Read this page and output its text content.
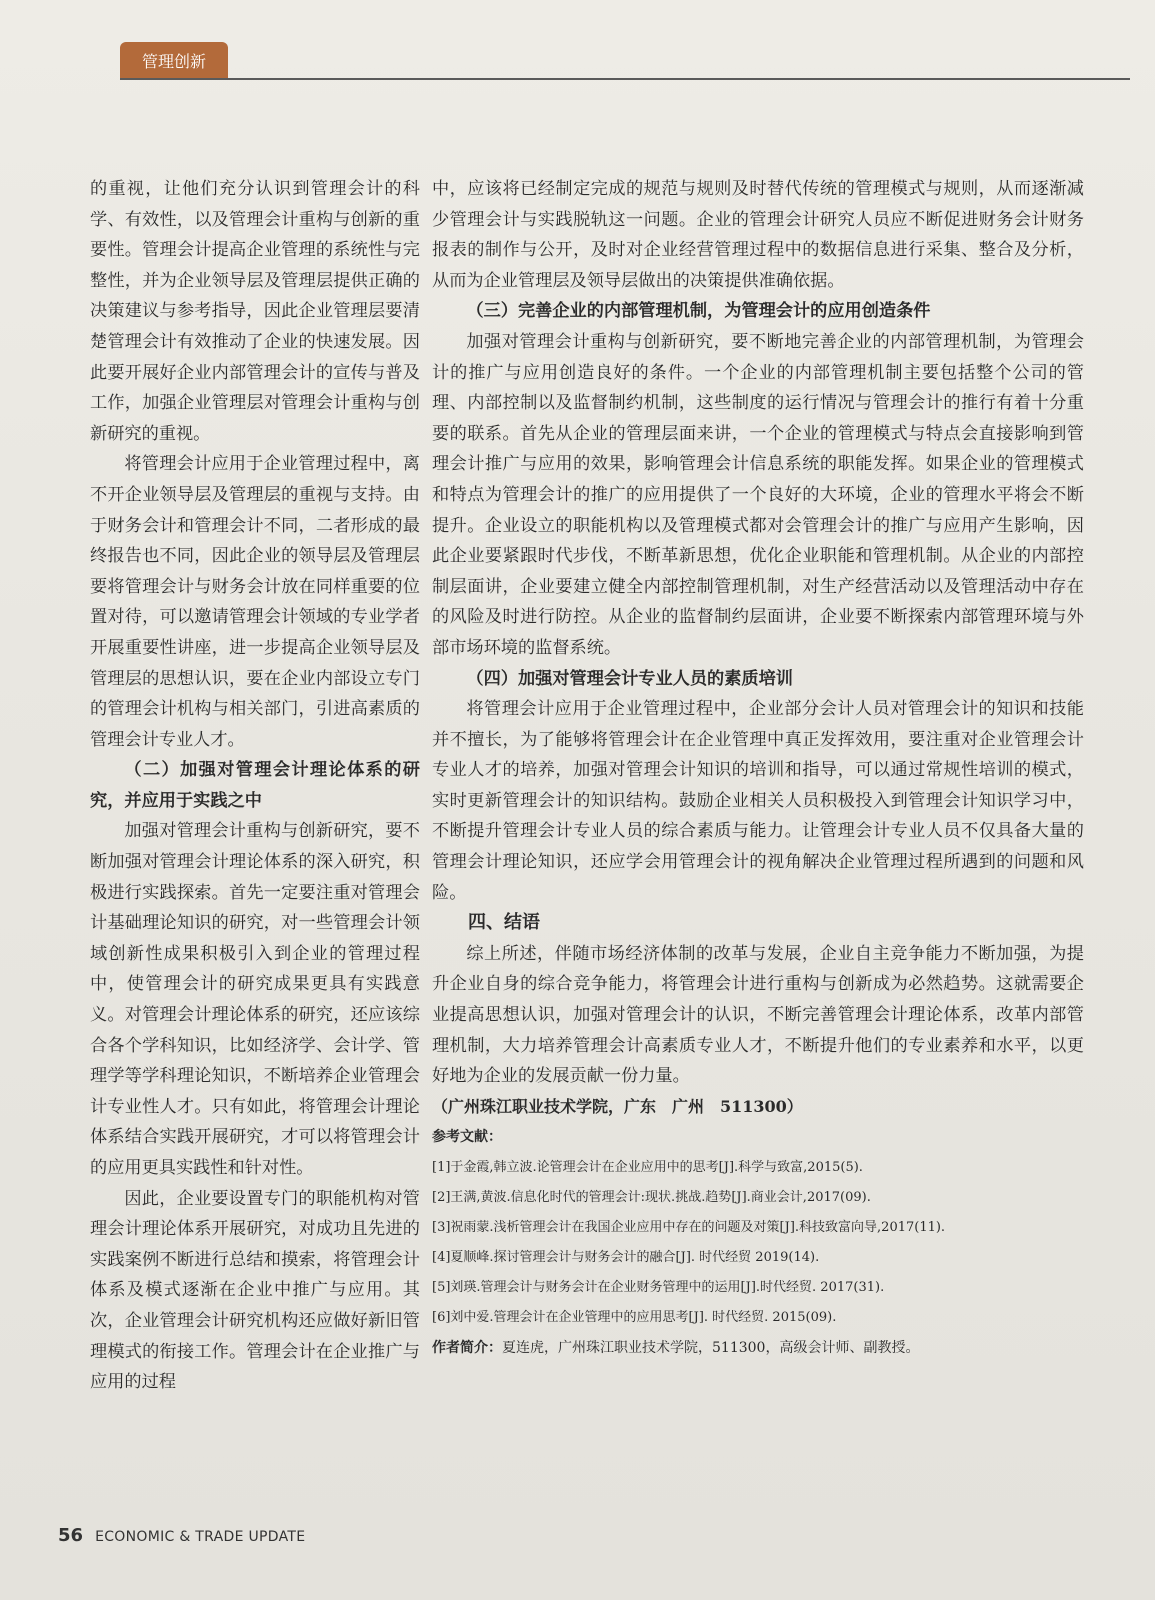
管理创新

的重视，让他们充分认识到管理会计的科学、有效性，以及管理会计重构与创新的重要性。管理会计提高企业管理的系统性与完整性，并为企业领导层及管理层提供正确的决策建议与参考指导，因此企业管理层要清楚管理会计有效推动了企业的快速发展。因此要开展好企业内部管理会计的宣传与普及工作，加强企业管理层对管理会计重构与创新研究的重视。

将管理会计应用于企业管理过程中，离不开企业领导层及管理层的重视与支持。由于财务会计和管理会计不同，二者形成的最终报告也不同，因此企业的领导层及管理层要将管理会计与财务会计放在同样重要的位置对待，可以邀请管理会计领域的专业学者开展重要性讲座，进一步提高企业领导层及管理层的思想认识，要在企业内部设立专门的管理会计机构与相关部门，引进高素质的管理会计专业人才。

（二）加强对管理会计理论体系的研究，并应用于实践之中

加强对管理会计重构与创新研究，要不断加强对管理会计理论体系的深入研究，积极进行实践探索。首先一定要注重对管理会计基础理论知识的研究，对一些管理会计领域创新性成果积极引入到企业的管理过程中，使管理会计的研究成果更具有实践意义。对管理会计理论体系的研究，还应该综合各个学科知识，比如经济学、会计学、管理学等学科理论知识，不断培养企业管理会计专业性人才。只有如此，将管理会计理论体系结合实践开展研究，才可以将管理会计的应用更具实践性和针对性。

因此，企业要设置专门的职能机构对管理会计理论体系开展研究，对成功且先进的实践案例不断进行总结和摸索，将管理会计体系及模式逐渐在企业中推广与应用。其次，企业管理会计研究机构还应做好新旧管理模式的衔接工作。管理会计在企业推广与应用的过程

中，应该将已经制定完成的规范与规则及时替代传统的管理模式与规则，从而逐渐减少管理会计与实践脱轨这一问题。企业的管理会计研究人员应不断促进财务会计财务报表的制作与公开，及时对企业经营管理过程中的数据信息进行采集、整合及分析，从而为企业管理层及领导层做出的决策提供准确依据。

（三）完善企业的内部管理机制，为管理会计的应用创造条件

加强对管理会计重构与创新研究，要不断地完善企业的内部管理机制，为管理会计的推广与应用创造良好的条件。一个企业的内部管理机制主要包括整个公司的管理、内部控制以及监督制约机制，这些制度的运行情况与管理会计的推行有着十分重要的联系。首先从企业的管理层面来讲，一个企业的管理模式与特点会直接影响到管理会计推广与应用的效果，影响管理会计信息系统的职能发挥。如果企业的管理模式和特点为管理会计的推广的应用提供了一个良好的大环境，企业的管理水平将会不断提升。企业设立的职能机构以及管理模式都对会管理会计的推广与应用产生影响，因此企业要紧跟时代步伐，不断革新思想，优化企业职能和管理机制。从企业的内部控制层面讲，企业要建立健全内部控制管理机制，对生产经营活动以及管理活动中存在的风险及时进行防控。从企业的监督制约层面讲，企业要不断探索内部管理环境与外部市场环境的监督系统。

（四）加强对管理会计专业人员的素质培训

将管理会计应用于企业管理过程中，企业部分会计人员对管理会计的知识和技能并不擅长，为了能够将管理会计在企业管理中真正发挥效用，要注重对企业管理会计专业人才的培养，加强对管理会计知识的培训和指导，可以通过常规性培训的模式，实时更新管理会计的知识结构。鼓励企业相关人员积极投入到管理会计知识学习中，不断提升管理会计专业人员的综合素质与能力。让管理会计专业人员不仅具备大量的管理会计理论知识，还应学会用管理会计的视角解决企业管理过程所遇到的问题和风险。

四、结语

综上所述，伴随市场经济体制的改革与发展，企业自主竞争能力不断加强，为提升企业自身的综合竞争能力，将管理会计进行重构与创新成为必然趋势。这就需要企业提高思想认识，加强对管理会计的认识，不断完善管理会计理论体系，改革内部管理机制，大力培养管理会计高素质专业人才，不断提升他们的专业素养和水平，以更好地为企业的发展贡献一份力量。

（广州珠江职业技术学院，广东　广州　511300）

参考文献：

[1]于金霞,韩立波.论管理会计在企业应用中的思考[J].科学与致富,2015(5).

[2]王满,黄波.信息化时代的管理会计:现状.挑战.趋势[J].商业会计,2017(09).

[3]祝雨蒙.浅析管理会计在我国企业应用中存在的问题及对策[J].科技致富向导,2017(11).

[4]夏顺峰.探讨管理会计与财务会计的融合[J]. 时代经贸 2019(14).

[5]刘瑛.管理会计与财务会计在企业财务管理中的运用[J].时代经贸. 2017(31).

[6]刘中爱.管理会计在企业管理中的应用思考[J]. 时代经贸. 2015(09).

作者简介：夏连虎，广州珠江职业技术学院，511300，高级会计师、副教授。

56 ECONOMIC & TRADE UPDATE
